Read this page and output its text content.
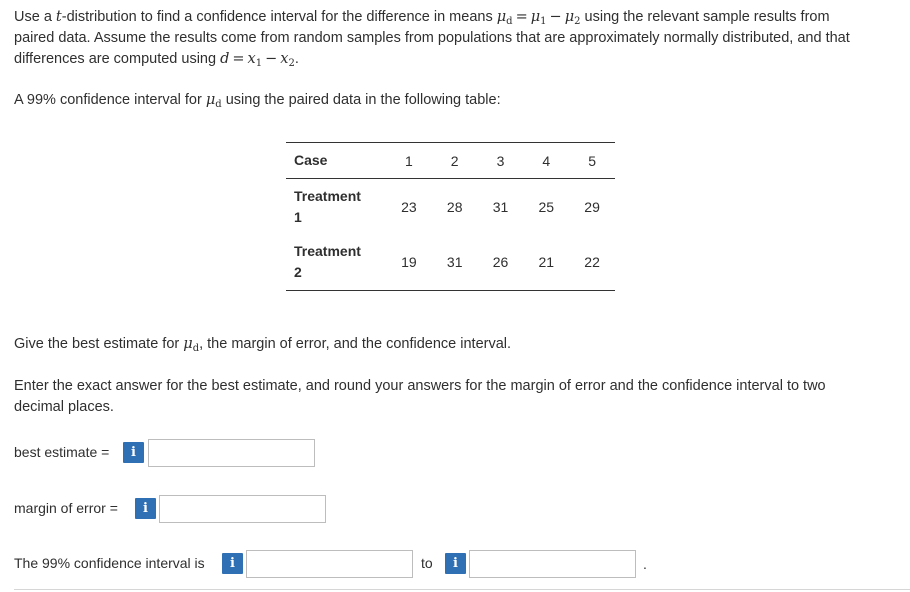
Use a t-distribution to find a confidence interval for the difference in means $\mu_d = \mu_1 - \mu_2$ using the relevant sample results from

paired data. Assume the results come from random samples from populations that are approximately normally distributed, and that

differences are computed using $d = x_1 - x_2$.

A 99% confidence interval for $\mu_d$ using the paired data in the following table:

Case	1	2	3	4	5
Treatment
1	23	28	31	25	29
Treatment
2	19	31	26	21	22

Give the best estimate for $\mu_d$, the margin of error, and the confidence interval.

Enter the exact answer for the best estimate, and round your answers for the margin of error and the confidence interval to two

decimal places.

best estimate =	i
margin of error =	i
The 99% confidence interval is	i	to	i	.
